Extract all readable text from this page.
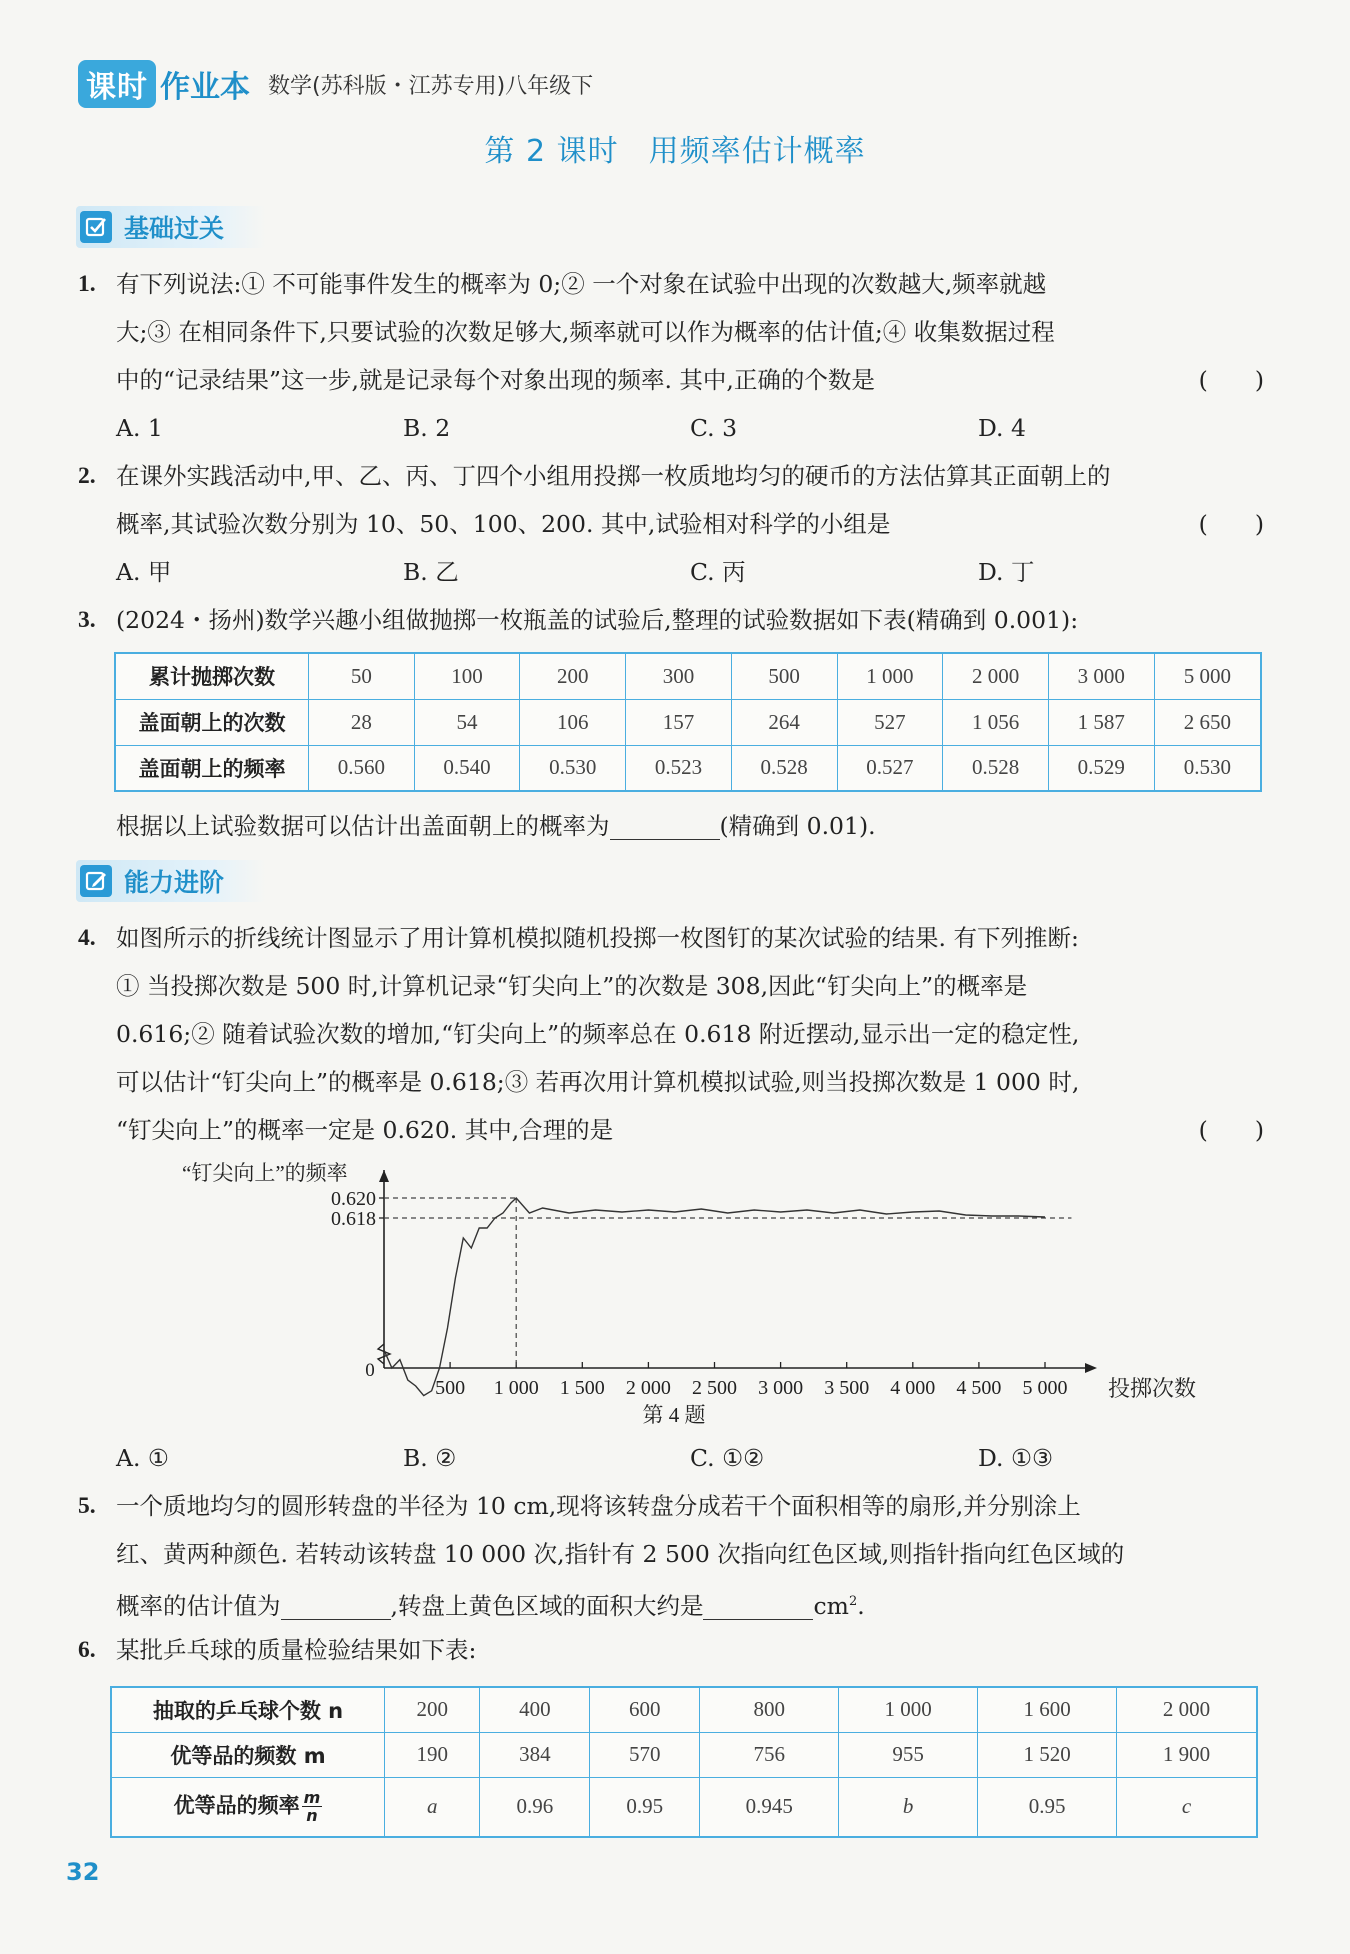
课时 作业本 数学(苏科版・江苏专用)八年级下
第 2 课时 用频率估计概率
基础过关
1. 有下列说法:① 不可能事件发生的概率为 0;② 一个对象在试验中出现的次数越大,频率就越
大;③ 在相同条件下,只要试验的次数足够大,频率就可以作为概率的估计值;④ 收集数据过程
中的“记录结果”这一步,就是记录每个对象出现的频率. 其中,正确的个数是	(　　)
A. 1	B. 2	C. 3	D. 4
2. 在课外实践活动中,甲、乙、丙、丁四个小组用投掷一枚质地均匀的硬币的方法估算其正面朝上的
概率,其试验次数分别为 10、50、100、200. 其中,试验相对科学的小组是	(　　)
A. 甲	B. 乙	C. 丙	D. 丁
3. (2024・扬州)数学兴趣小组做抛掷一枚瓶盖的试验后,整理的试验数据如下表(精确到 0.001):
累计抛掷次数	50	100	200	300	500	1 000	2 000	3 000	5 000
盖面朝上的次数	28	54	106	157	264	527	1 056	1 587	2 650
盖面朝上的频率	0.560	0.540	0.530	0.523	0.528	0.527	0.528	0.529	0.530
根据以上试验数据可以估计出盖面朝上的概率为	(精确到 0.01).
能力进阶
4. 如图所示的折线统计图显示了用计算机模拟随机投掷一枚图钉的某次试验的结果. 有下列推断:
① 当投掷次数是 500 时,计算机记录“钉尖向上”的次数是 308,因此“钉尖向上”的概率是
0.616;② 随着试验次数的增加,“钉尖向上”的频率总在 0.618 附近摆动,显示出一定的稳定性,
可以估计“钉尖向上”的概率是 0.618;③ 若再次用计算机模拟试验,则当投掷次数是 1 000 时,
“钉尖向上”的概率一定是 0.620. 其中,合理的是	(　　)
“钉尖向上”的频率
第 4 题
投掷次数
0
500 1 000 1 500 2 000 2 500 3 000 3 500 4 000 4 500 5 000
0.618
0.620
A. ①	B. ②	C. ①②	D. ①③
5. 一个质地均匀的圆形转盘的半径为 10 cm,现将该转盘分成若干个面积相等的扇形,并分别涂上
红、黄两种颜色. 若转动该转盘 10 000 次,指针有 2 500 次指向红色区域,则指针指向红色区域的
概率的估计值为	,转盘上黄色区域的面积大约是	$cm^2$.
6. 某批乒乓球的质量检验结果如下表:
抽取的乒乓球个数 n	200	400	600	800	1 000	1 600	2 000
优等品的频数 m	190	384	570	756	955	1 520	1 900
优等品的频率 $\frac{m}{n}$	a	0.96	0.95	0.945	b	0.95	c
32
